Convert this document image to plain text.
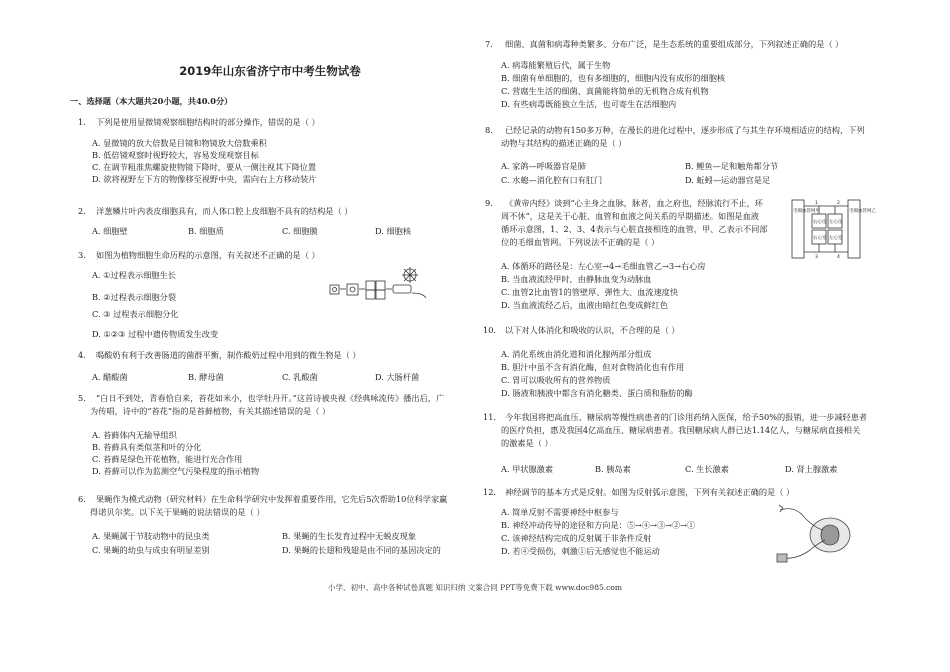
2019年山东省济宁市中考生物试卷
一、选择题（本大题共20小题，共40.0分）
1. 下列是使用显微镜观察细胞结构时的部分操作，错误的是（ ）
A. 显微镜的放大倍数是目镜和物镜放大倍数乘积
B. 低倍镜观察时视野较大，容易发现观察目标
C. 在调节粗准焦螺旋使物镜下降时，要从一侧注视其下降位置
D. 欲将视野左下方的物像移至视野中央，需向右上方移动装片
2. 洋葱鳞片叶内表皮细胞具有，而人体口腔上皮细胞不具有的结构是（ ）
A. 细胞壁	B. 细胞质	C. 细胞膜	D. 细胞核
3. 如图为植物细胞生命历程的示意图，有关叙述不正确的是（ ）
A. ①过程表示细胞生长
B. ②过程表示细胞分裂
C. ③ 过程表示细胞分化
D. ①②③ 过程中遗传物质发生改变
4. 喝酸奶有利于改善肠道的菌群平衡，制作酸奶过程中用到的微生物是（ ）
A. 醋酸菌	B. 酵母菌	C. 乳酸菌	D. 大肠杆菌
5. “白日不到处，青春恰自来，苔花如米小，也学牡丹开。”这首诗被央视《经典咏流传》播出后，广
为传唱，诗中的“苔花”指的是苔藓植物，有关其描述错误的是（ ）
A. 苔藓体内无输导组织
B. 苔藓具有类似茎和叶的分化
C. 苔藓是绿色开花植物，能进行光合作用
D. 苔藓可以作为监测空气污染程度的指示植物
6. 果蝇作为模式动物（研究材料）在生命科学研究中发挥着重要作用，它先后5次帮助10位科学家赢
得诺贝尔奖。以下关于果蝇的说法错误的是（ ）
A. 果蝇属于节肢动物中的昆虫类	B. 果蝇的生长发育过程中无蜕皮现象
C. 果蝇的幼虫与成虫有明显差别	D. 果蝇的长翅和残翅是由不同的基因决定的
7. 细菌、真菌和病毒种类繁多、分布广泛，是生态系统的重要组成部分，下列叙述正确的是（ ）
A. 病毒能繁殖后代，属于生物
B. 细菌有单细胞的，也有多细胞的，细胞内没有成形的细胞核
C. 营腐生生活的细菌、真菌能将简单的无机物合成有机物
D. 有些病毒既能独立生活，也可寄生在活细胞内
8. 已经记录的动物有150多万种，在漫长的进化过程中，逐步形成了与其生存环境相适应的结构，下列
动物与其结构的描述正确的是（ ）
A. 家鸽—呼吸器官是肺	B. 鲤鱼—足和触角都分节
C. 水螅—消化腔有口有肛门	D. 蚯蚓—运动器官是足
9. 《黄帝内经》谈到“心主身之血脉，脉者，血之府也，经脉流行不止，环
周不休”，这是关于心脏、血管和血液之间关系的早期描述。如图是血液
循环示意图，1、2、3、4表示与心脏直接相连的血管，甲、乙表示不同部
位的毛细血管网。下列说法不正确的是（ ）
A. 体循环的路径是：左心室→4→毛细血管乙→3→右心房
B. 当血液流经甲时，由静脉血变为动脉血
C. 血管2比血管1的管壁厚、弹性大、血流速度快
D. 当血液流经乙后，血液由暗红色变成鲜红色
毛细血管网甲
右心房 左心房
右心室 左心室
毛细血管网乙
1	2
3	4
10. 以下对人体消化和吸收的认识，不合理的是（ ）
A. 消化系统由消化道和消化腺两部分组成
B. 胆汁中虽不含有消化酶，但对食物消化也有作用
C. 胃可以吸收所有的营养物质
D. 肠液和胰液中都含有消化糖类、蛋白质和脂肪的酶
11. 今年我国将把高血压、糖尿病等慢性病患者的门诊用药纳入医保，给予50%的报销，进一步减轻患者
的医疗负担，惠及我国4亿高血压、糖尿病患者。我国糖尿病人群已达1.14亿人，与糖尿病直接相关
的激素是（ ）
A. 甲状腺激素	B. 胰岛素	C. 生长激素	D. 肾上腺激素
12. 神经调节的基本方式是反射。如图为反射弧示意图，下列有关叙述正确的是（ ）
A. 简单反射不需要神经中枢参与
B. 神经冲动传导的途径和方向是：⑤→④→③→②→①
C. 该神经结构完成的反射属于非条件反射
D. 若④受损伤，刺激①后无感觉也不能运动
小学、初中、高中各种试卷真题 知识归纳 文案合同 PPT等免费下载 www.doc985.com
